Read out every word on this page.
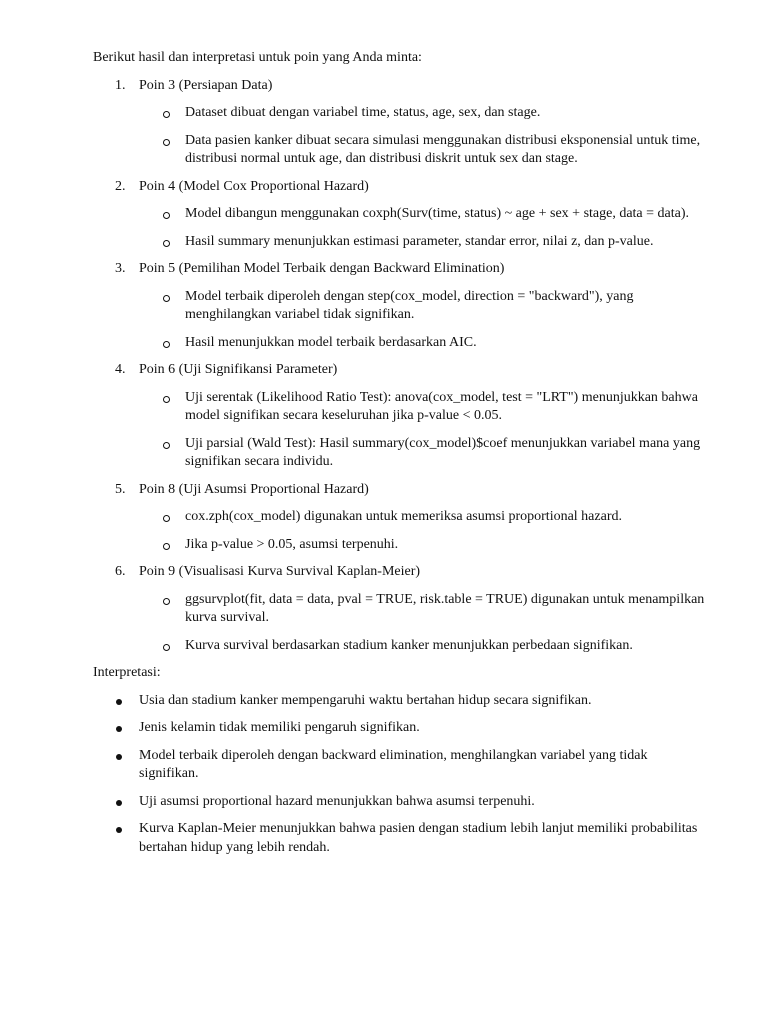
Berikut hasil dan interpretasi untuk poin yang Anda minta:

1. Poin 3 (Persiapan Data)
Dataset dibuat dengan variabel time, status, age, sex, dan stage.
Data pasien kanker dibuat secara simulasi menggunakan distribusi eksponensial untuk time, distribusi normal untuk age, dan distribusi diskrit untuk sex dan stage.
2. Poin 4 (Model Cox Proportional Hazard)
Model dibangun menggunakan coxph(Surv(time, status) ~ age + sex + stage, data = data).
Hasil summary menunjukkan estimasi parameter, standar error, nilai z, dan p-value.
3. Poin 5 (Pemilihan Model Terbaik dengan Backward Elimination)
Model terbaik diperoleh dengan step(cox_model, direction = "backward"), yang menghilangkan variabel tidak signifikan.
Hasil menunjukkan model terbaik berdasarkan AIC.
4. Poin 6 (Uji Signifikansi Parameter)
Uji serentak (Likelihood Ratio Test): anova(cox_model, test = "LRT") menunjukkan bahwa model signifikan secara keseluruhan jika p-value < 0.05.
Uji parsial (Wald Test): Hasil summary(cox_model)$coef menunjukkan variabel mana yang signifikan secara individu.
5. Poin 8 (Uji Asumsi Proportional Hazard)
cox.zph(cox_model) digunakan untuk memeriksa asumsi proportional hazard.
Jika p-value > 0.05, asumsi terpenuhi.
6. Poin 9 (Visualisasi Kurva Survival Kaplan-Meier)
ggsurvplot(fit, data = data, pval = TRUE, risk.table = TRUE) digunakan untuk menampilkan kurva survival.
Kurva survival berdasarkan stadium kanker menunjukkan perbedaan signifikan.

Interpretasi:

Usia dan stadium kanker mempengaruhi waktu bertahan hidup secara signifikan.
Jenis kelamin tidak memiliki pengaruh signifikan.
Model terbaik diperoleh dengan backward elimination, menghilangkan variabel yang tidak signifikan.
Uji asumsi proportional hazard menunjukkan bahwa asumsi terpenuhi.
Kurva Kaplan-Meier menunjukkan bahwa pasien dengan stadium lebih lanjut memiliki probabilitas bertahan hidup yang lebih rendah.
